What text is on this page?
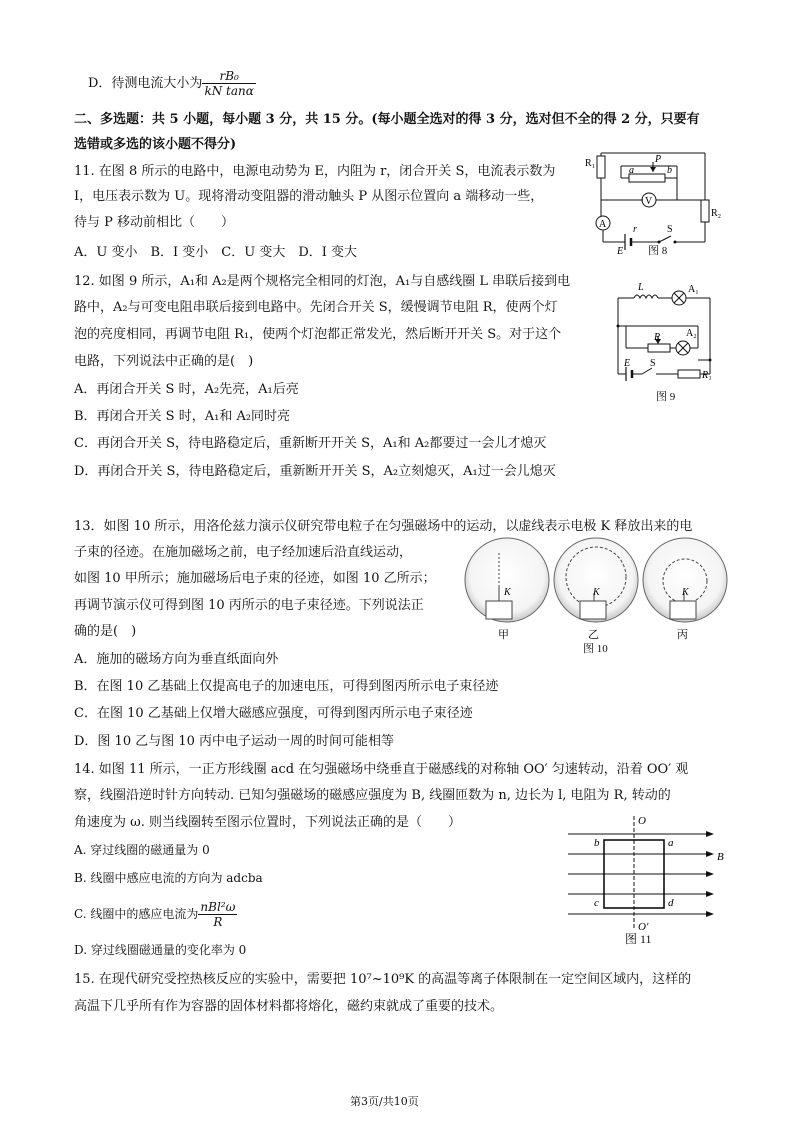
D．待测电流大小为 $\frac{\text{rB₀}}{\text{kN tanα}}$
二、多选题：共 5 小题，每小题 3 分，共 15 分。(每小题全选对的得 3 分，选对但不全的得 2 分，只要有
选错或多选的该小题不得分)
11. 在图 8 所示的电路中，电源电动势为 E，内阻为 r，闭合开关 S，电流表示数为
I，电压表示数为 U。现将滑动变阻器的滑动触头 P 从图示位置向 a 端移动一些，
待与 P 移动前相比（　　）
A．U 变小　B．I 变小　C．U 变大　D．I 变大
R₁	P
a	b
V
A	r	S
R₂
E 图 8
12. 如图 9 所示，A₁和 A₂是两个规格完全相同的灯泡，A₁与自感线圈 L 串联后接到电
路中，A₂与可变电阻串联后接到电路中。先闭合开关 S，缓慢调节电阻 R，使两个灯
泡的亮度相同，再调节电阻 R₁，使两个灯泡都正常发光，然后断开开关 S。对于这个
电路，下列说法中正确的是(　)
A．再闭合开关 S 时，A₂先亮，A₁后亮
B．再闭合开关 S 时，A₁和 A₂同时亮
C．再闭合开关 S，待电路稳定后，重新断开开关 S，A₁和 A₂都要过一会儿才熄灭
D．再闭合开关 S，待电路稳定后，重新断开开关 S，A₂立刻熄灭，A₁过一会儿熄灭
L	A₁
A₂
R
E S
R₁
图 9
13．如图 10 所示，用洛伦兹力演示仪研究带电粒子在匀强磁场中的运动，以虚线表示电极 K 释放出来的电
子束的径迹。在施加磁场之前，电子经加速后沿直线运动，
如图 10 甲所示；施加磁场后电子束的径迹，如图 10 乙所示；
再调节演示仪可得到图 10 丙所示的电子束径迹。下列说法正
确的是(　)
A．施加的磁场方向为垂直纸面向外
B．在图 10 乙基础上仅提高电子的加速电压，可得到图丙所示电子束径迹
C．在图 10 乙基础上仅增大磁感应强度，可得到图丙所示电子束径迹
D．图 10 乙与图 10 丙中电子运动一周的时间可能相等
K
甲
K
乙
K
丙
图 10
14. 如图 11 所示，一正方形线圈 acd 在匀强磁场中绕垂直于磁感线的对称轴 OO′ 匀速转动，沿着 OO′ 观
察，线圈沿逆时针方向转动. 已知匀强磁场的磁感应强度为 B, 线圈匝数为 n, 边长为 l, 电阻为 R, 转动的
角速度为 ω. 则当线圈转至图示位置时，下列说法正确的是（　　）
A. 穿过线圈的磁通量为 0
B. 线圈中感应电流的方向为 adcba
C. 线圈中的感应电流为 $\frac{\text{nBl²ω}}{R}$
D. 穿过线圈磁通量的变化率为 0
O
O′
b	a
c	d
B
图 11
15. 在现代研究受控热核反应的实验中，需要把 10⁷~10⁹K 的高温等离子体限制在一定空间区域内，这样的
高温下几乎所有作为容器的固体材料都将熔化，磁约束就成了重要的技术。
第3页/共10页
